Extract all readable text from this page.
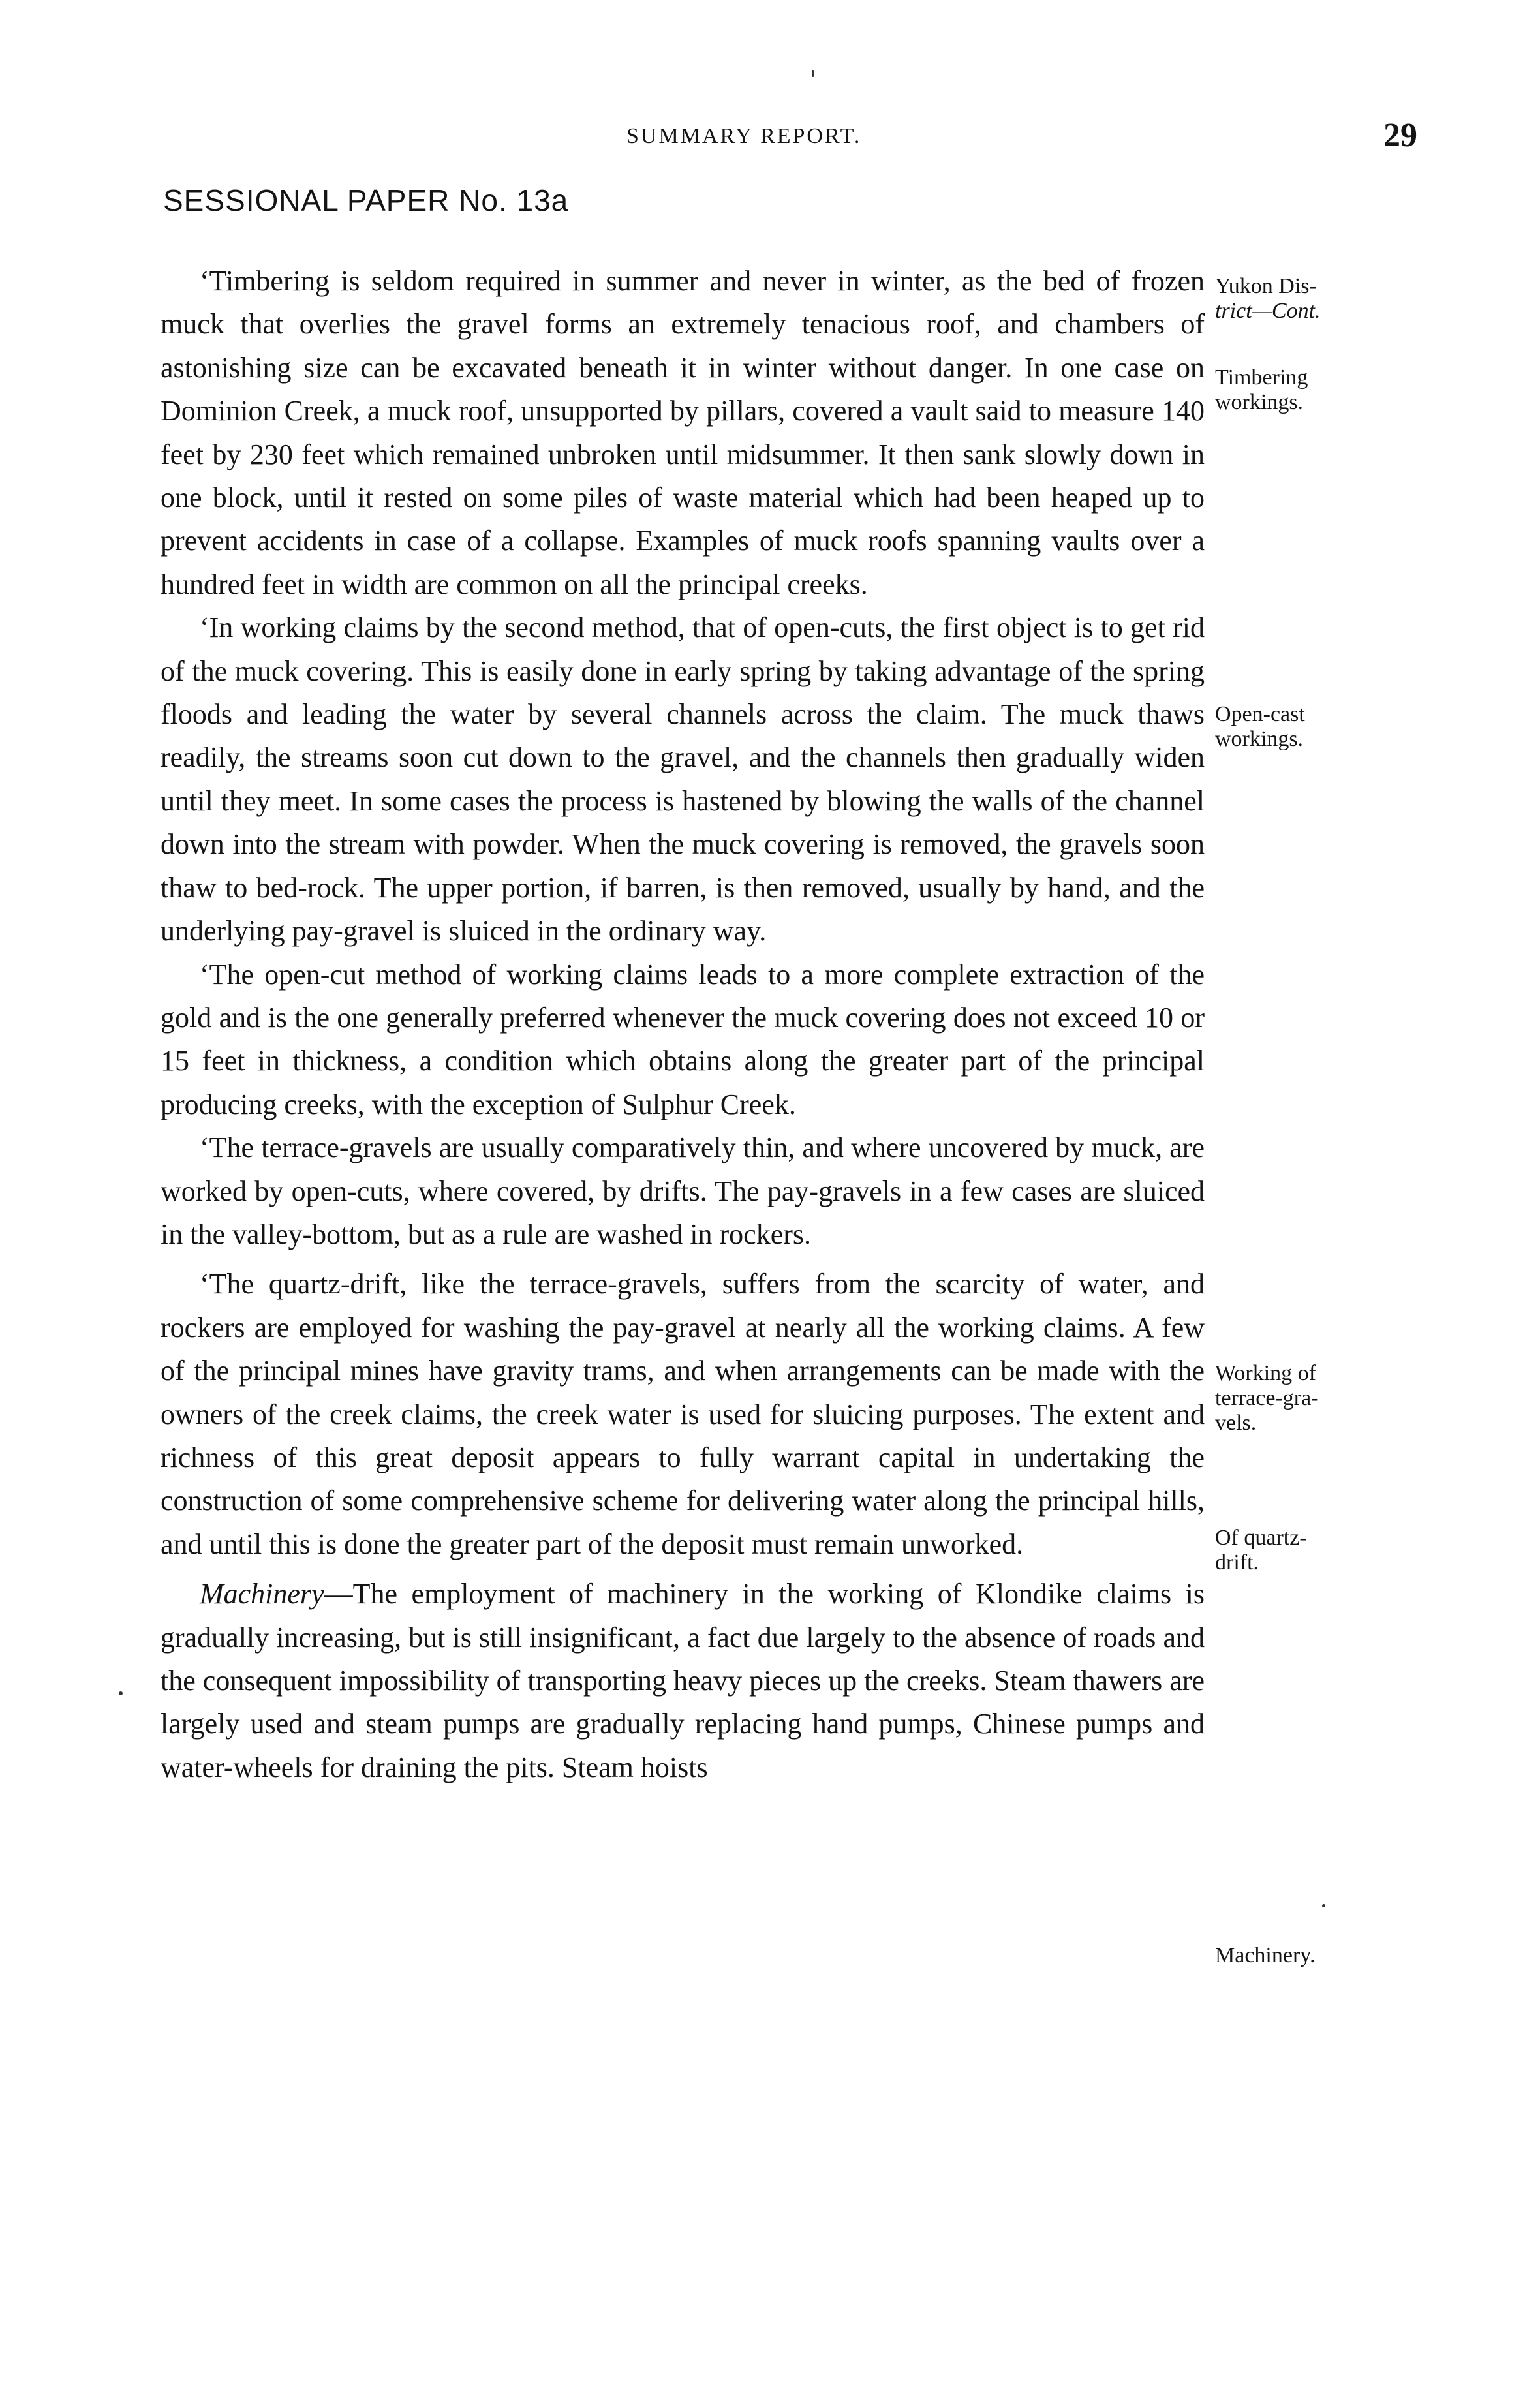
SUMMARY REPORT.	29
SESSIONAL PAPER No. 13a

‘Timbering is seldom required in summer and never in winter, as the bed of frozen muck that overlies the gravel forms an extremely tenacious roof, and chambers of astonishing size can be excavated beneath it in winter without danger. In one case on Dominion Creek, a muck roof, unsupported by pillars, covered a vault said to measure 140 feet by 230 feet which remained unbroken until midsummer. It then sank slowly down in one block, until it rested on some piles of waste material which had been heaped up to prevent accidents in case of a collapse. Examples of muck roofs spanning vaults over a hundred feet in width are common on all the principal creeks.

‘In working claims by the second method, that of open-cuts, the first object is to get rid of the muck covering. This is easily done in early spring by taking advantage of the spring floods and leading the water by several channels across the claim. The muck thaws readily, the streams soon cut down to the gravel, and the channels then gradually widen until they meet. In some cases the process is hastened by blowing the walls of the channel down into the stream with powder. When the muck covering is removed, the gravels soon thaw to bed-rock. The upper portion, if barren, is then removed, usually by hand, and the underlying pay-gravel is sluiced in the ordinary way.

‘The open-cut method of working claims leads to a more complete extraction of the gold and is the one generally preferred whenever the muck covering does not exceed 10 or 15 feet in thickness, a condition which obtains along the greater part of the principal producing creeks, with the exception of Sulphur Creek.

‘The terrace-gravels are usually comparatively thin, and where uncovered by muck, are worked by open-cuts, where covered, by drifts. The pay-gravels in a few cases are sluiced in the valley-bottom, but as a rule are washed in rockers.

‘The quartz-drift, like the terrace-gravels, suffers from the scarcity of water, and rockers are employed for washing the pay-gravel at nearly all the working claims. A few of the principal mines have gravity trams, and when arrangements can be made with the owners of the creek claims, the creek water is used for sluicing purposes. The extent and richness of this great deposit appears to fully warrant capital in undertaking the construction of some comprehensive scheme for delivering water along the principal hills, and until this is done the greater part of the deposit must remain unworked.

Machinery—The employment of machinery in the working of Klondike claims is gradually increasing, but is still insignificant, a fact due largely to the absence of roads and the consequent impossibility of transporting heavy pieces up the creeks. Steam thawers are largely used and steam pumps are gradually replacing hand pumps, Chinese pumps and water-wheels for draining the pits. Steam hoists

Yukon Dis-
trict—Cont.
Timbering
workings.
Open-cast
workings.
Working of
terrace-gra-
vels.
Of quartz-
drift.
Machinery.
